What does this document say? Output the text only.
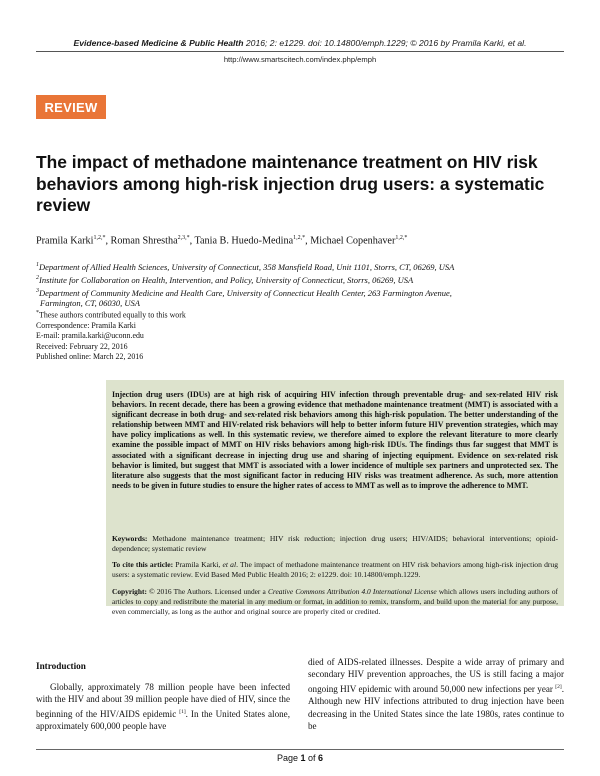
Evidence-based Medicine & Public Health 2016; 2: e1229. doi: 10.14800/emph.1229; © 2016 by Pramila Karki, et al.
http://www.smartscitech.com/index.php/emph
REVIEW
The impact of methadone maintenance treatment on HIV risk behaviors among high-risk injection drug users: a systematic review
Pramila Karki$^{1,2,*}$, Roman Shrestha$^{2,3,*}$, Tania B. Huedo-Medina$^{1,2,*}$, Michael Copenhaver$^{1,2,*}$
$^1$Department of Allied Health Sciences, University of Connecticut, 358 Mansfield Road, Unit 1101, Storrs, CT, 06269, USA
$^2$Institute for Collaboration on Health, Intervention, and Policy, University of Connecticut, Storrs, 06269, USA
$^3$Department of Community Medicine and Health Care, University of Connecticut Health Center, 263 Farmington Avenue,
Farmington, CT, 06030, USA
*These authors contributed equally to this work
Correspondence: Pramila Karki
E-mail: pramila.karki@uconn.edu
Received: February 22, 2016
Published online: March 22, 2016
Injection drug users (IDUs) are at high risk of acquiring HIV infection through preventable drug- and sex-related HIV risk behaviors. In recent decade, there has been a growing evidence that methadone maintenance treatment (MMT) is associated with a significant decrease in both drug- and sex-related risk behaviors among this high-risk population. The better understanding of the relationship between MMT and HIV-related risk behaviors will help to better inform future HIV prevention strategies, which may have policy implications as well. In this systematic review, we therefore aimed to explore the relevant literature to more clearly examine the possible impact of MMT on HIV risks behaviors among high-risk IDUs. The findings thus far suggest that MMT is associated with a significant decrease in injecting drug use and sharing of injecting equipment. Evidence on sex-related risk behavior is limited, but suggest that MMT is associated with a lower incidence of multiple sex partners and unprotected sex. The literature also suggests that the most significant factor in reducing HIV risks was treatment adherence. As such, more attention needs to be given in future studies to ensure the higher rates of access to MMT as well as to improve the adherence to MMT.
Keywords: Methadone maintenance treatment; HIV risk reduction; injection drug users; HIV/AIDS; behavioral interventions; opioid-dependence; systematic review
To cite this article: Pramila Karki, et al. The impact of methadone maintenance treatment on HIV risk behaviors among high-risk injection drug users: a systematic review. Evid Based Med Public Health 2016; 2: e1229. doi: 10.14800/emph.1229.
Copyright: © 2016 The Authors. Licensed under a Creative Commons Attribution 4.0 International License which allows users including authors of articles to copy and redistribute the material in any medium or format, in addition to remix, transform, and build upon the material for any purpose, even commercially, as long as the author and original source are properly cited or credited.
Introduction

Globally, approximately 78 million people have been infected with the HIV and about 39 million people have died of HIV, since the beginning of the HIV/AIDS epidemic [1]. In the United States alone, approximately 600,000 people have

died of AIDS-related illnesses. Despite a wide array of primary and secondary HIV prevention approaches, the US is still facing a major ongoing HIV epidemic with around 50,000 new infections per year [2]. Although new HIV infections attributed to drug injection have been decreasing in the United States since the late 1980s, rates continue to be

Page 1 of 6
